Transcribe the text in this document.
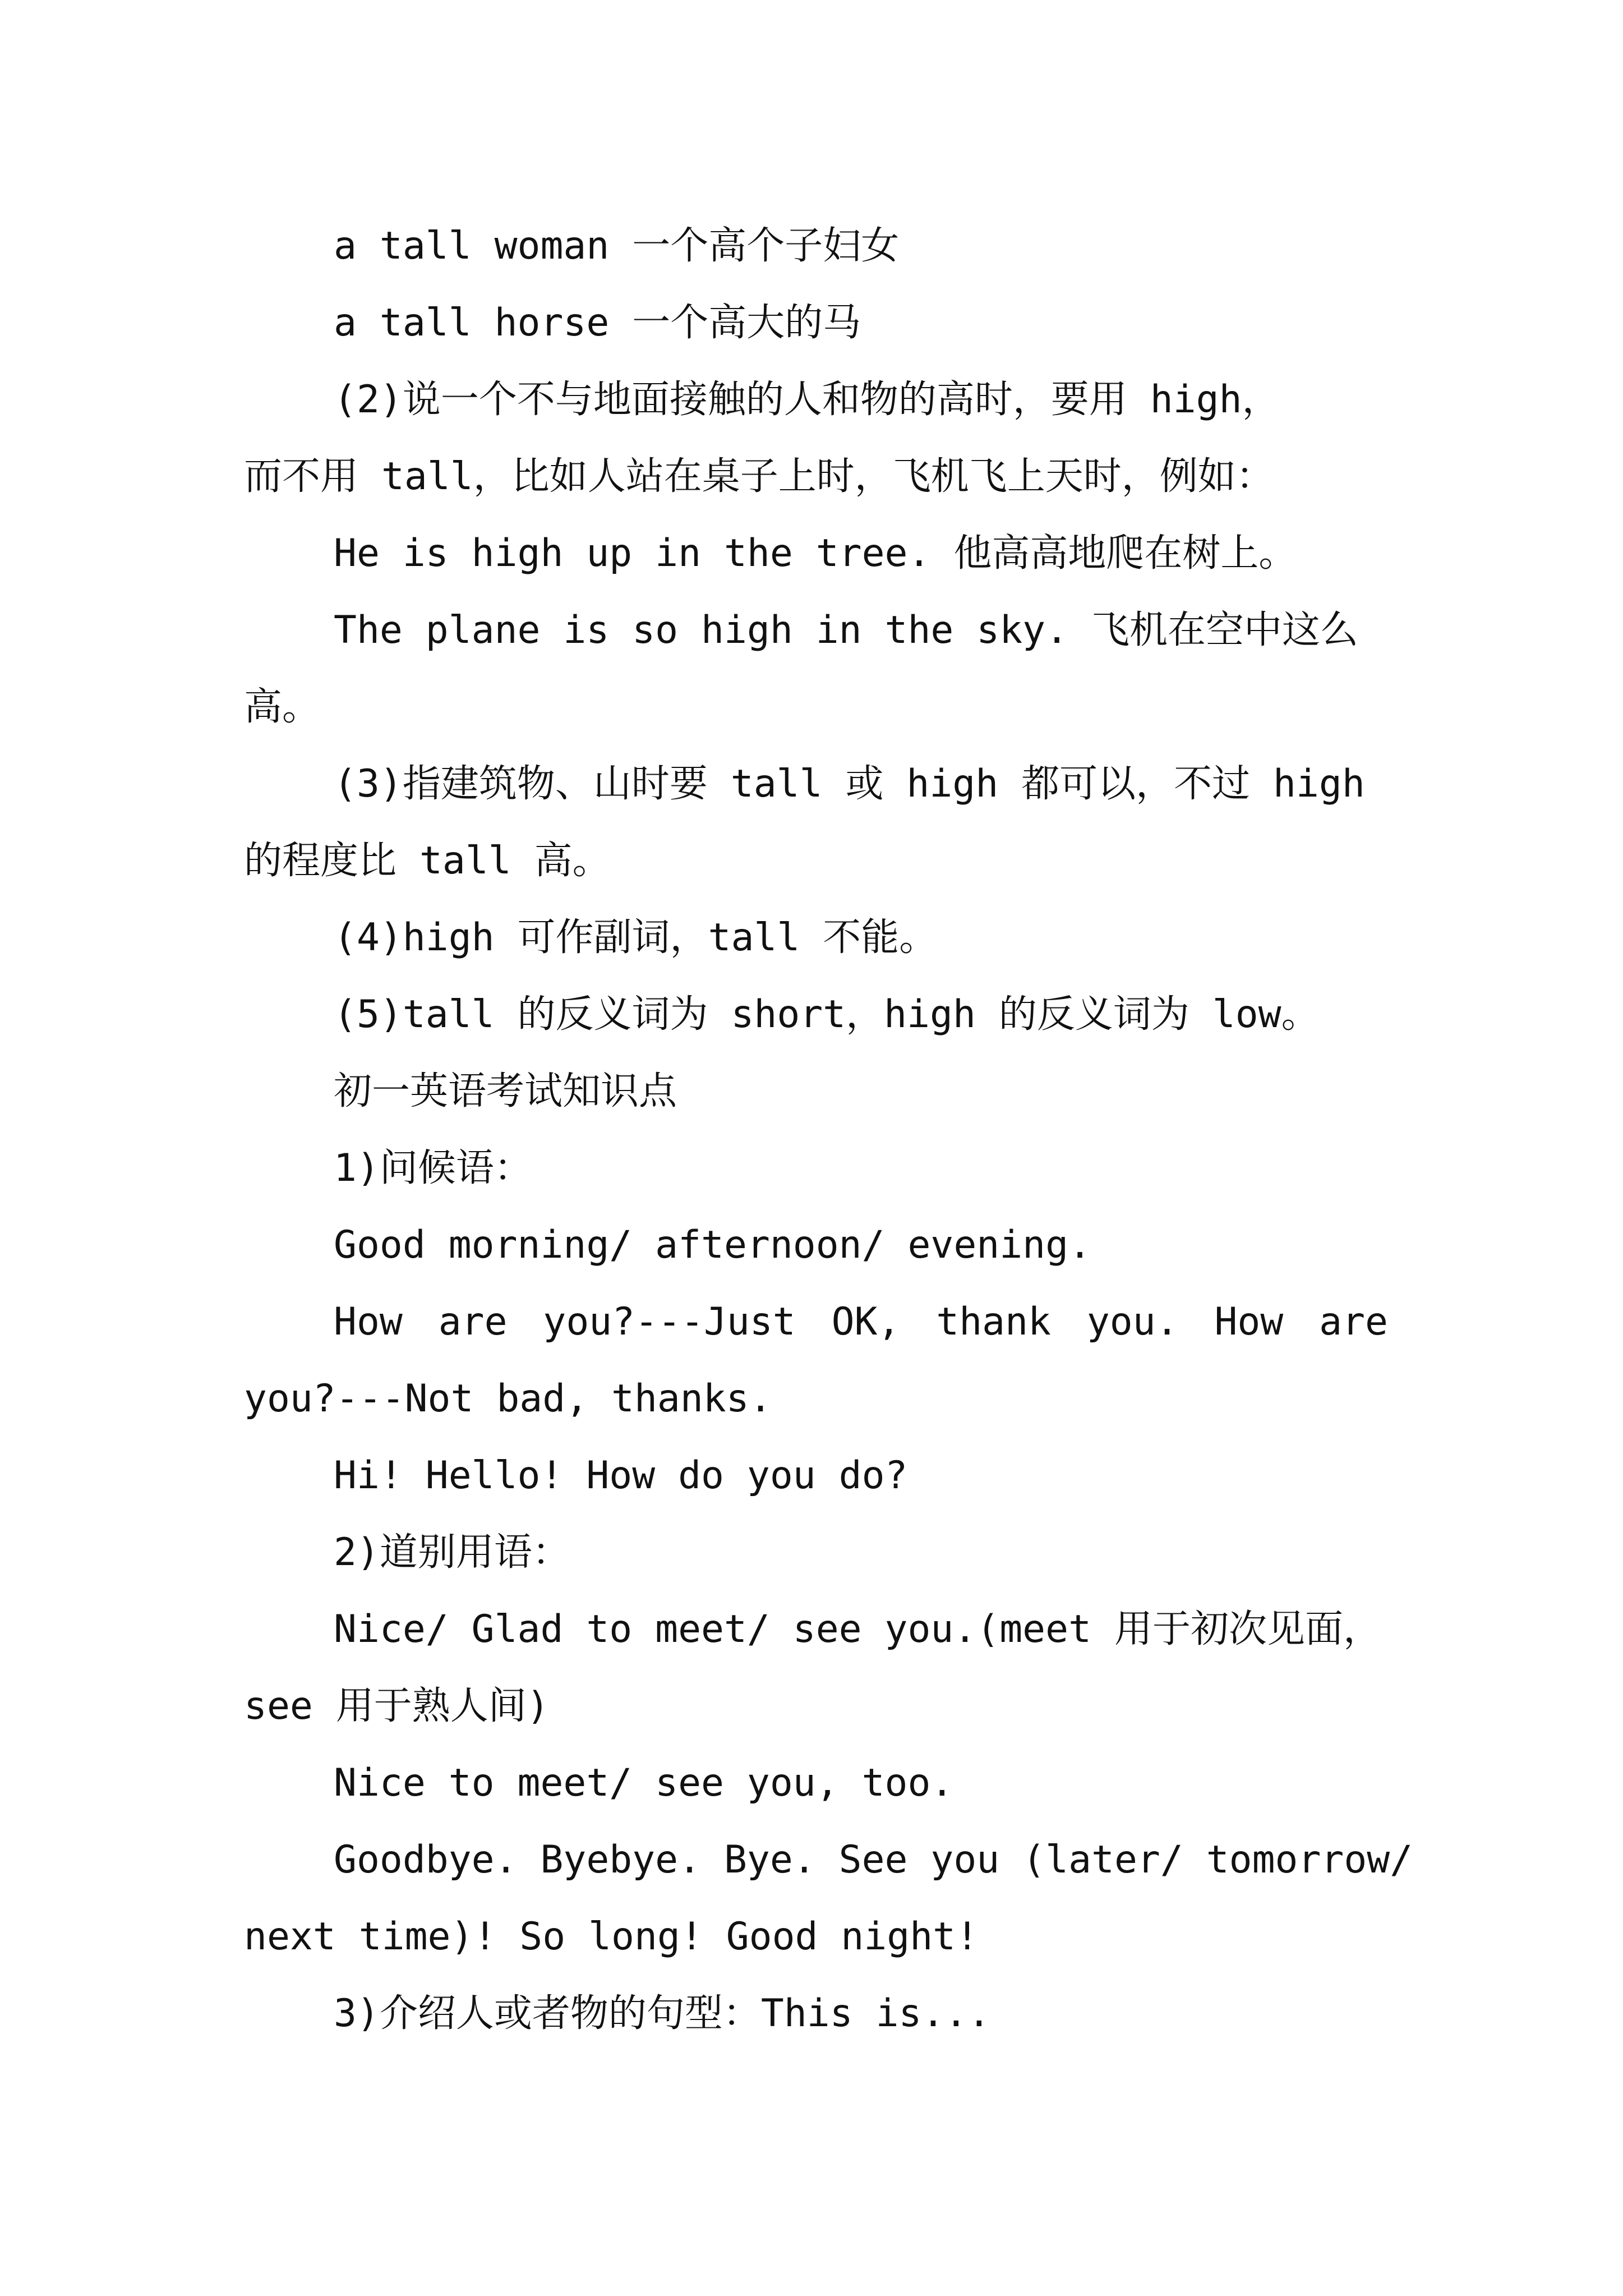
a tall woman 一个高个子妇女
a tall horse 一个高大的马
(2)说一个不与地面接触的人和物的高时，要用 high，
而不用 tall，比如人站在桌子上时，飞机飞上天时，例如：
He is high up in the tree. 他高高地爬在树上。
The plane is so high in the sky. 飞机在空中这么
高。
(3)指建筑物、山时要 tall 或 high 都可以，不过 high
的程度比 tall 高。
(4)high 可作副词，tall 不能。
(5)tall 的反义词为 short，high 的反义词为 low。
初一英语考试知识点
1)问候语：
Good morning/ afternoon/ evening.
How are you?---Just OK, thank you. How are
you?---Not bad, thanks.
Hi! Hello! How do you do?
2)道别用语：
Nice/ Glad to meet/ see you.(meet 用于初次见面，
see 用于熟人间)
Nice to meet/ see you, too.
Goodbye. Byebye. Bye. See you (later/ tomorrow/
next time)! So long! Good night!
3)介绍人或者物的句型：This is...
